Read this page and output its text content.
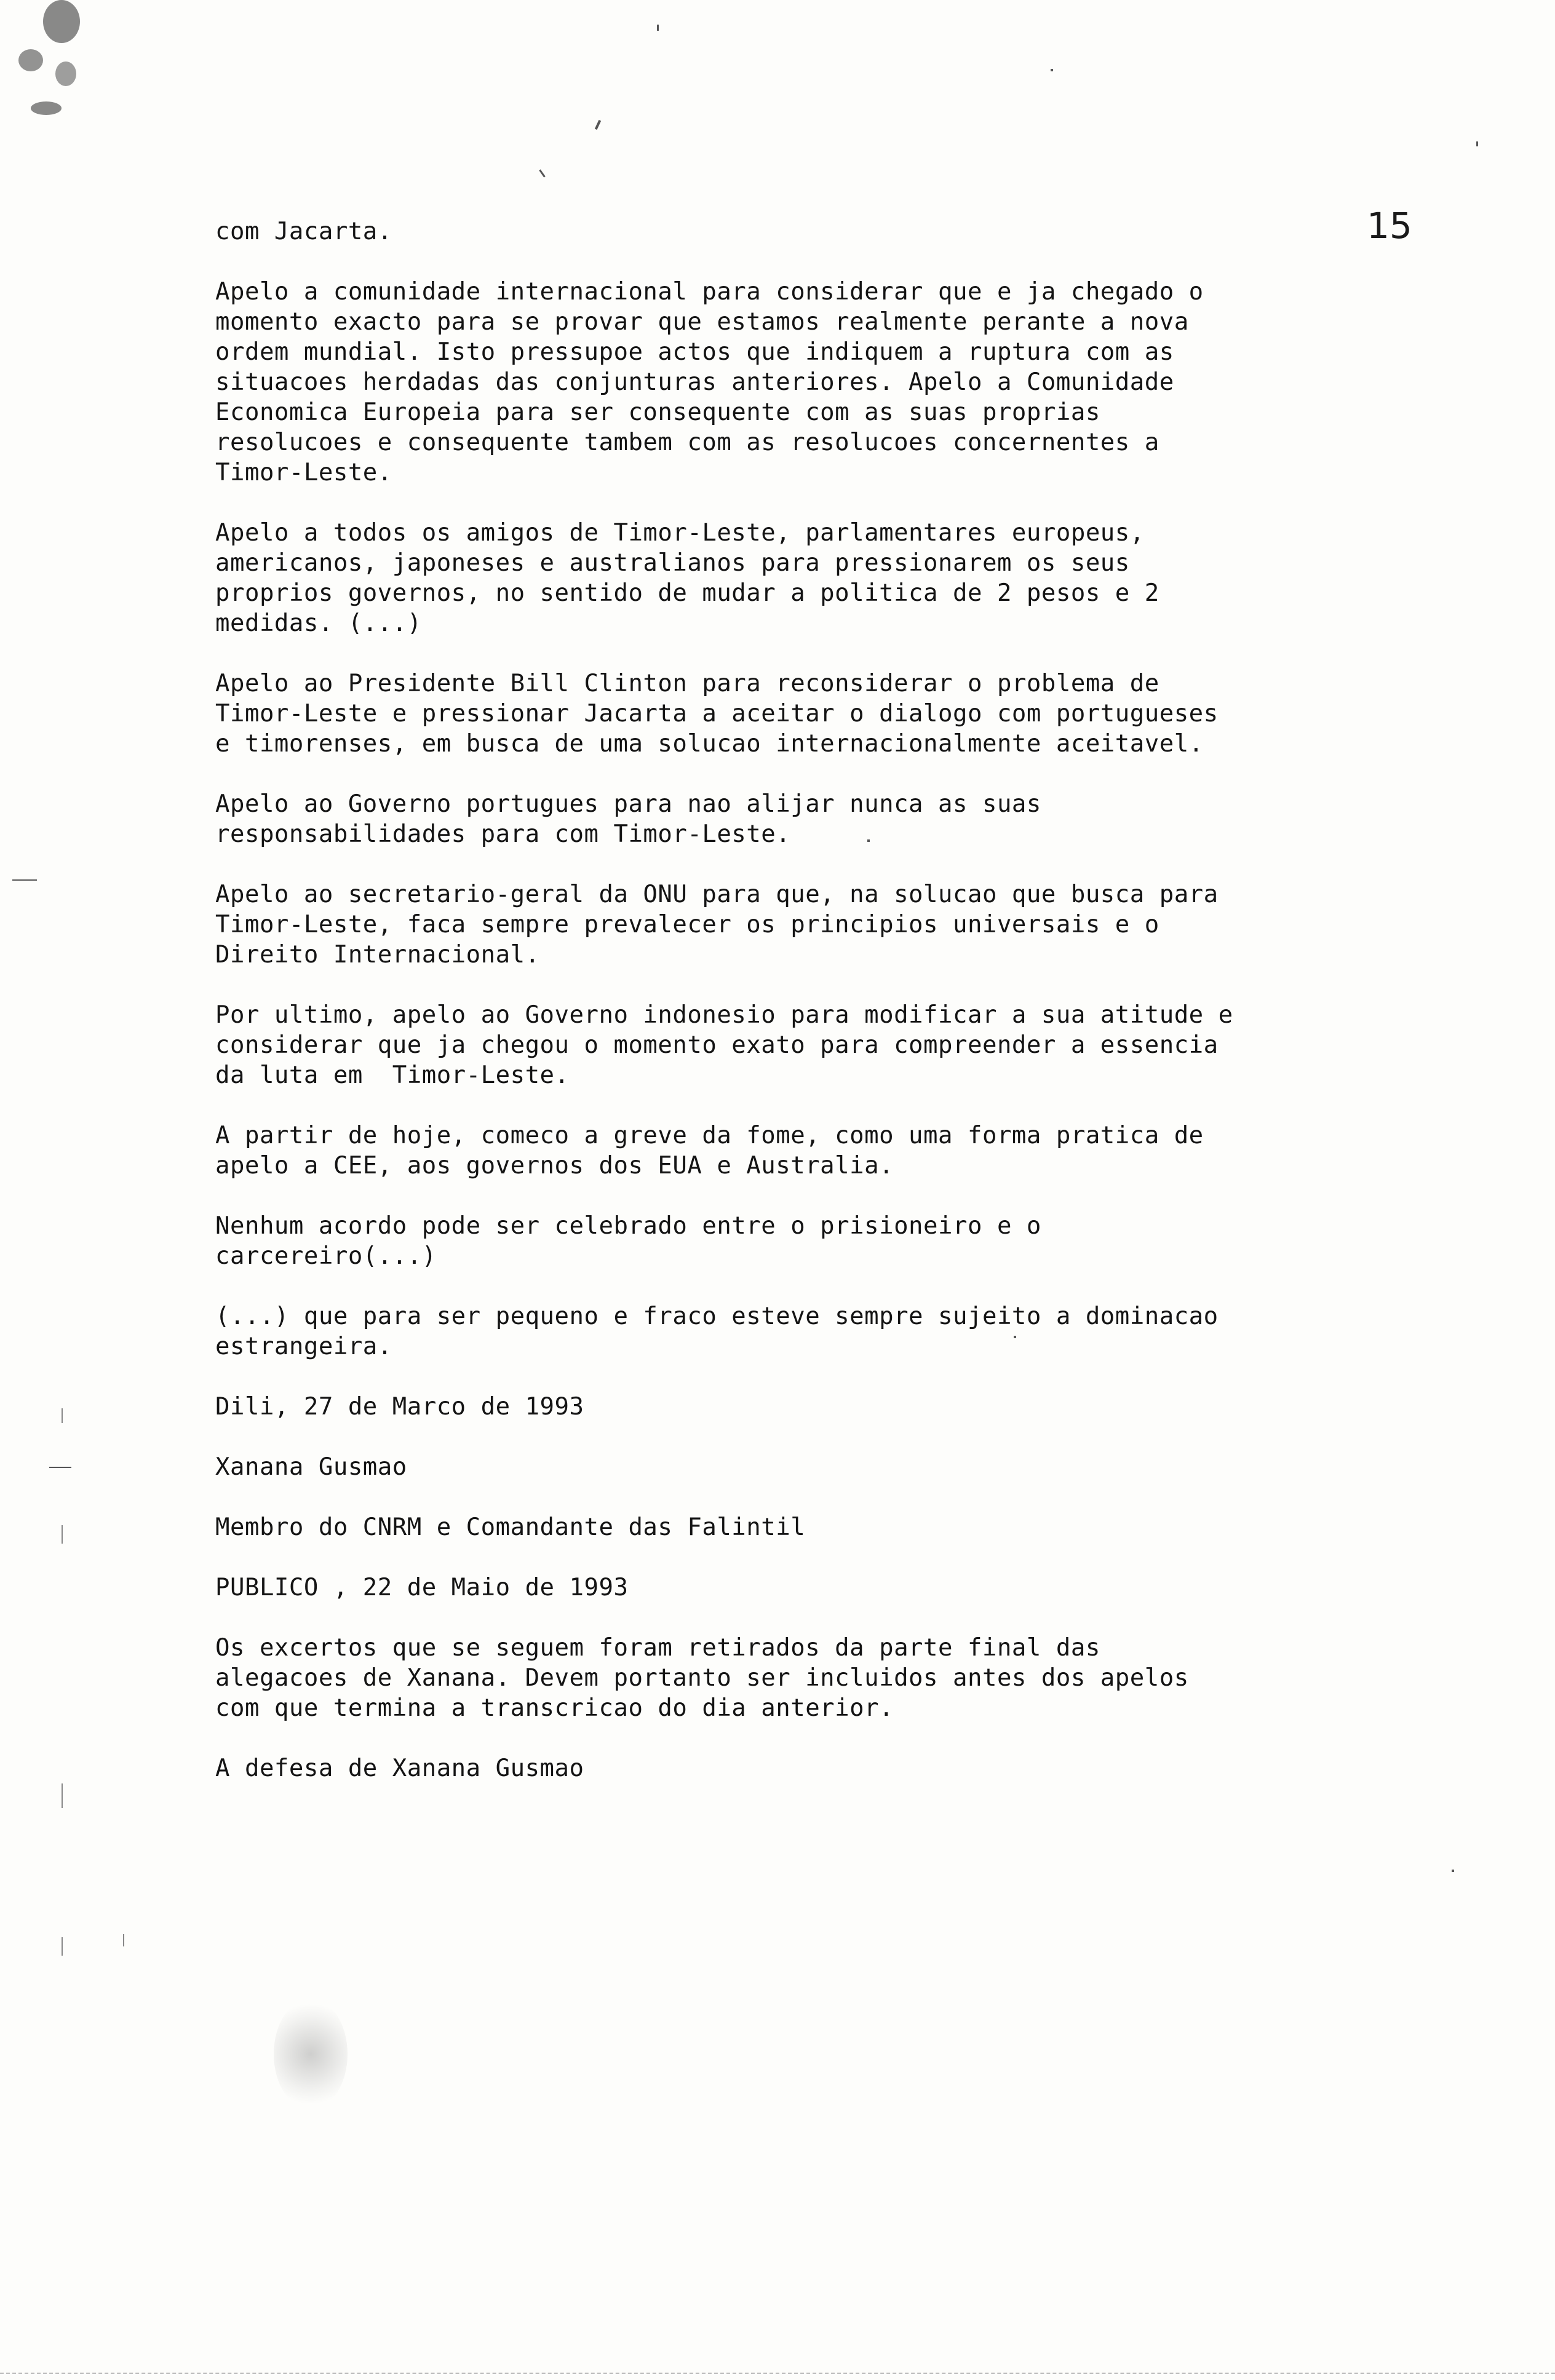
15

com Jacarta.

Apelo a comunidade internacional para considerar que e ja chegado o
momento exacto para se provar que estamos realmente perante a nova
ordem mundial. Isto pressupoe actos que indiquem a ruptura com as
situacoes herdadas das conjunturas anteriores. Apelo a Comunidade
Economica Europeia para ser consequente com as suas proprias
resolucoes e consequente tambem com as resolucoes concernentes a
Timor-Leste.

Apelo a todos os amigos de Timor-Leste, parlamentares europeus,
americanos, japoneses e australianos para pressionarem os seus
proprios governos, no sentido de mudar a politica de 2 pesos e 2
medidas. (...)

Apelo ao Presidente Bill Clinton para reconsiderar o problema de
Timor-Leste e pressionar Jacarta a aceitar o dialogo com portugueses
e timorenses, em busca de uma solucao internacionalmente aceitavel.

Apelo ao Governo portugues para nao alijar nunca as suas
responsabilidades para com Timor-Leste.

Apelo ao secretario-geral da ONU para que, na solucao que busca para
Timor-Leste, faca sempre prevalecer os principios universais e o
Direito Internacional.

Por ultimo, apelo ao Governo indonesio para modificar a sua atitude e
considerar que ja chegou o momento exato para compreender a essencia
da luta em  Timor-Leste.

A partir de hoje, comeco a greve da fome, como uma forma pratica de
apelo a CEE, aos governos dos EUA e Australia.

Nenhum acordo pode ser celebrado entre o prisioneiro e o
carcereiro(...)

(...) que para ser pequeno e fraco esteve sempre sujeito a dominacao
estrangeira.

Dili, 27 de Marco de 1993

Xanana Gusmao

Membro do CNRM e Comandante das Falintil

PUBLICO , 22 de Maio de 1993

Os excertos que se seguem foram retirados da parte final das
alegacoes de Xanana. Devem portanto ser incluidos antes dos apelos
com que termina a transcricao do dia anterior.

A defesa de Xanana Gusmao
